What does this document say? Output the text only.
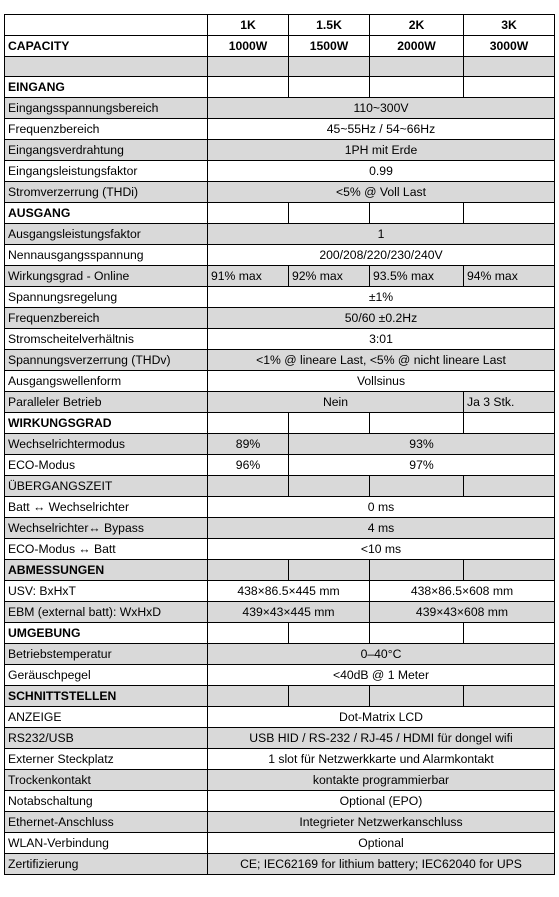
	1K	1.5K	2K	3K
CAPACITY	1000W	1500W	2000W	3000W

EINGANG				
Eingangsspannungsbereich	110~300V			
Frequenzbereich	45~55Hz / 54~66Hz			
Eingangsverdrahtung	1PH mit Erde			
Eingangsleistungsfaktor	0.99			
Stromverzerrung (THDi)	<5% @ Voll Last			
AUSGANG				
Ausgangsleistungsfaktor	1			
Nennausgangsspannung	200/208/220/230/240V			
Wirkungsgrad - Online	91% max	92% max	93.5% max	94% max
Spannungsregelung	±1%			
Frequenzbereich	50/60 ±0.2Hz			
Stromscheitelverhältnis	3:01			
Spannungsverzerrung (THDv)	<1% @ lineare Last, <5% @ nicht lineare Last			
Ausgangswellenform	Vollsinus			
Paralleler Betrieb	Nein			Ja 3 Stk.
WIRKUNGSGRAD				
Wechselrichtermodus	89%	93%		
ECO-Modus	96%	97%		
ÜBERGANGSZEIT				
Batt ↔ Wechselrichter	0 ms			
Wechselrichter↔ Bypass	4 ms			
ECO-Modus ↔ Batt	<10 ms			
ABMESSUNGEN				
USV: BxHxT	438×86.5×445 mm		438×86.5×608 mm	
EBM (external batt): WxHxD	439×43×445 mm		439×43×608 mm	
UMGEBUNG				
Betriebstemperatur	0–40°C			
Geräuschpegel	<40dB @ 1 Meter			
SCHNITTSTELLEN				
ANZEIGE	Dot-Matrix LCD			
RS232/USB	USB HID / RS-232 / RJ-45 / HDMI für dongel wifi			
Externer Steckplatz	1 slot für Netzwerkkarte und Alarmkontakt			
Trockenkontakt	kontakte programmierbar			
Notabschaltung	Optional (EPO)			
Ethernet-Anschluss	Integrieter Netzwerkanschluss			
WLAN-Verbindung	Optional			
Zertifizierung	CE; IEC62169 for lithium battery; IEC62040 for UPS			
